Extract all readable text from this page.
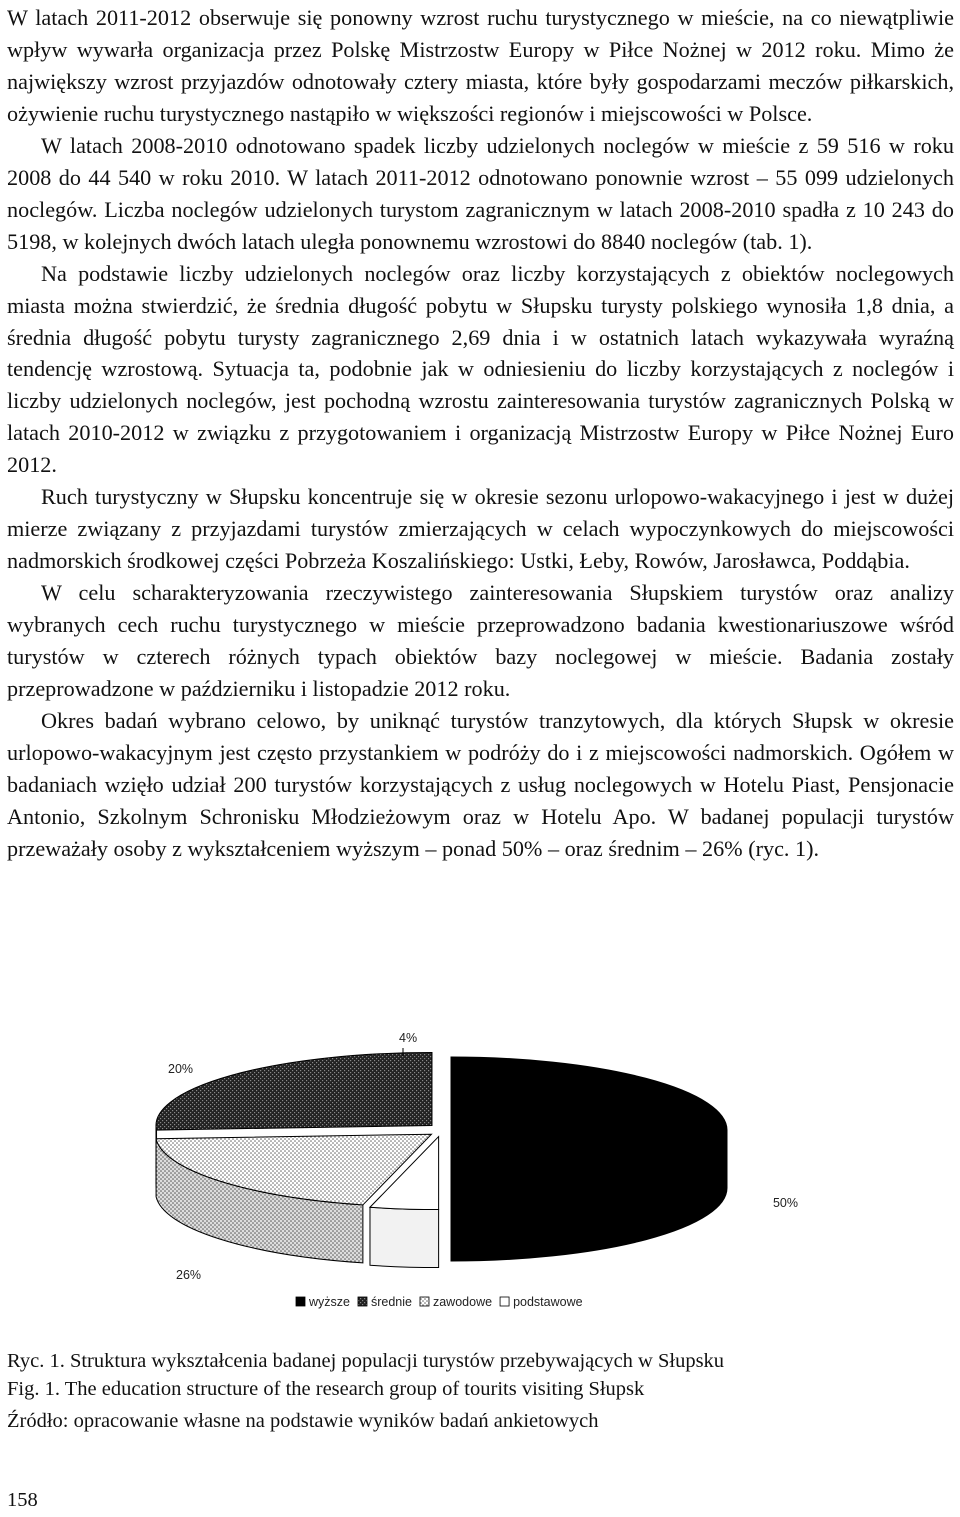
W latach 2011-2012 obserwuje się ponowny wzrost ruchu turystycznego w mieście, na co niewątpliwie wpływ wywarła organizacja przez Polskę Mistrzostw Europy w Piłce Nożnej w 2012 roku. Mimo że największy wzrost przyjazdów odnotowały cztery miasta, które były gospodarzami meczów piłkarskich, ożywienie ruchu turystycznego nastąpiło w większości regionów i miejscowości w Polsce.

W latach 2008-2010 odnotowano spadek liczby udzielonych noclegów w mieście z 59 516 w roku 2008 do 44 540 w roku 2010. W latach 2011-2012 odnotowano ponownie wzrost – 55 099 udzielonych noclegów. Liczba noclegów udzielonych turystom zagranicznym w latach 2008-2010 spadła z 10 243 do 5198, w kolejnych dwóch latach uległa ponownemu wzrostowi do 8840 noclegów (tab. 1).

Na podstawie liczby udzielonych noclegów oraz liczby korzystających z obiektów noclegowych miasta można stwierdzić, że średnia długość pobytu w Słupsku turysty polskiego wynosiła 1,8 dnia, a średnia długość pobytu turysty zagranicznego 2,69 dnia i w ostatnich latach wykazywała wyraźną tendencję wzrostową. Sytuacja ta, podobnie jak w odniesieniu do liczby korzystających z noclegów i liczby udzielonych noclegów, jest pochodną wzrostu zainteresowania turystów zagranicznych Polską w latach 2010-2012 w związku z przygotowaniem i organizacją Mistrzostw Europy w Piłce Nożnej Euro 2012.

Ruch turystyczny w Słupsku koncentruje się w okresie sezonu urlopowo-wakacyjnego i jest w dużej mierze związany z przyjazdami turystów zmierzających w celach wypoczynkowych do miejscowości nadmorskich środkowej części Pobrzeża Koszalińskiego: Ustki, Łeby, Rowów, Jarosławca, Poddąbia.

W celu scharakteryzowania rzeczywistego zainteresowania Słupskiem turystów oraz analizy wybranych cech ruchu turystycznego w mieście przeprowadzono badania kwestionariuszowe wśród turystów w czterech różnych typach obiektów bazy noclegowej w mieście. Badania zostały przeprowadzone w październiku i listopadzie 2012 roku.

Okres badań wybrano celowo, by uniknąć turystów tranzytowych, dla których Słupsk w okresie urlopowo-wakacyjnym jest często przystankiem w podróży do i z miejscowości nadmorskich. Ogółem w badaniach wzięło udział 200 turystów korzystających z usług noclegowych w Hotelu Piast, Pensjonacie Antonio, Szkolnym Schronisku Młodzieżowym oraz w Hotelu Apo. W badanej populacji turystów przeważały osoby z wykształceniem wyższym – ponad 50% – oraz średnim – 26% (ryc. 1).

50%
26%
20%
4%
wyższe średnie zawodowe podstawowe
Ryc. 1. Struktura wykształcenia badanej populacji turystów przebywających w Słupsku
Fig. 1. The education structure of the research group of tourits visiting Słupsk
Źródło: opracowanie własne na podstawie wyników badań ankietowych
158
